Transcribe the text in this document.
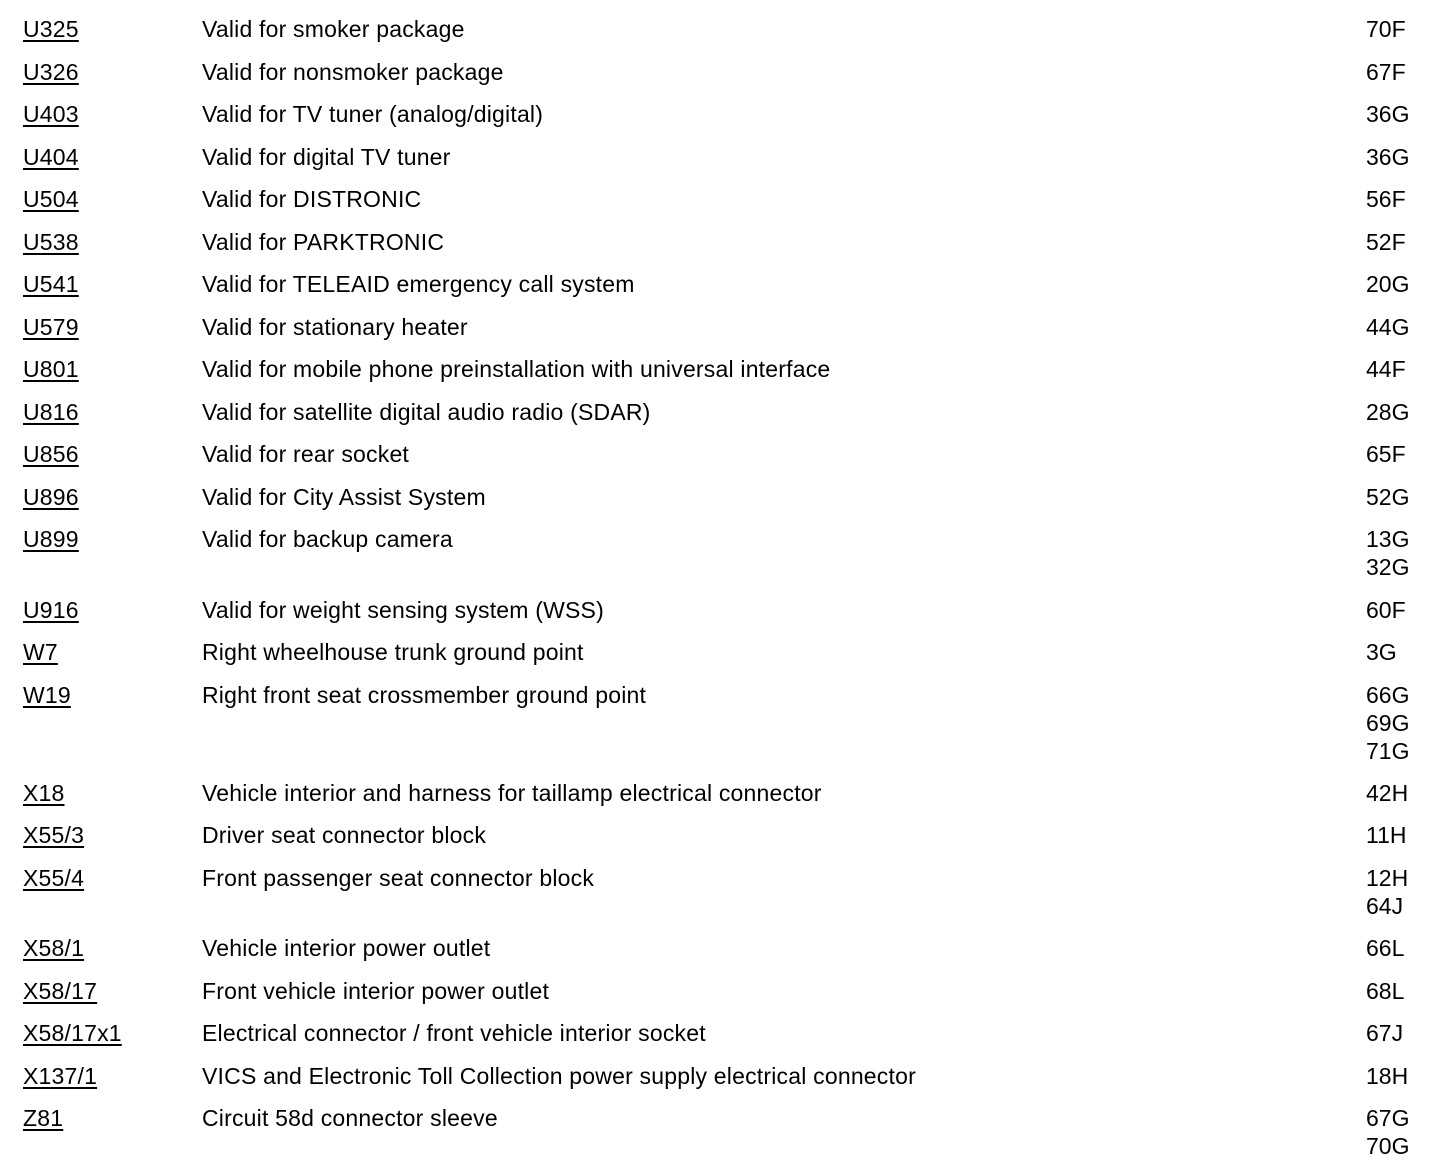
U325	Valid for smoker package	70F
U326	Valid for nonsmoker package	67F
U403	Valid for TV tuner (analog/digital)	36G
U404	Valid for digital TV tuner	36G
U504	Valid for DISTRONIC	56F
U538	Valid for PARKTRONIC	52F
U541	Valid for TELEAID emergency call system	20G
U579	Valid for stationary heater	44G
U801	Valid for mobile phone preinstallation with universal interface	44F
U816	Valid for satellite digital audio radio (SDAR)	28G
U856	Valid for rear socket	65F
U896	Valid for City Assist System	52G
U899	Valid for backup camera	13G
32G
U916	Valid for weight sensing system (WSS)	60F
W7	Right wheelhouse trunk ground point	3G
W19	Right front seat crossmember ground point	66G
69G
71G
X18	Vehicle interior and harness for taillamp electrical connector	42H
X55/3	Driver seat connector block	11H
X55/4	Front passenger seat connector block	12H
64J
X58/1	Vehicle interior power outlet	66L
X58/17	Front vehicle interior power outlet	68L
X58/17x1	Electrical connector / front vehicle interior socket	67J
X137/1	VICS and Electronic Toll Collection power supply electrical connector	18H
Z81	Circuit 58d connector sleeve	67G
70G
